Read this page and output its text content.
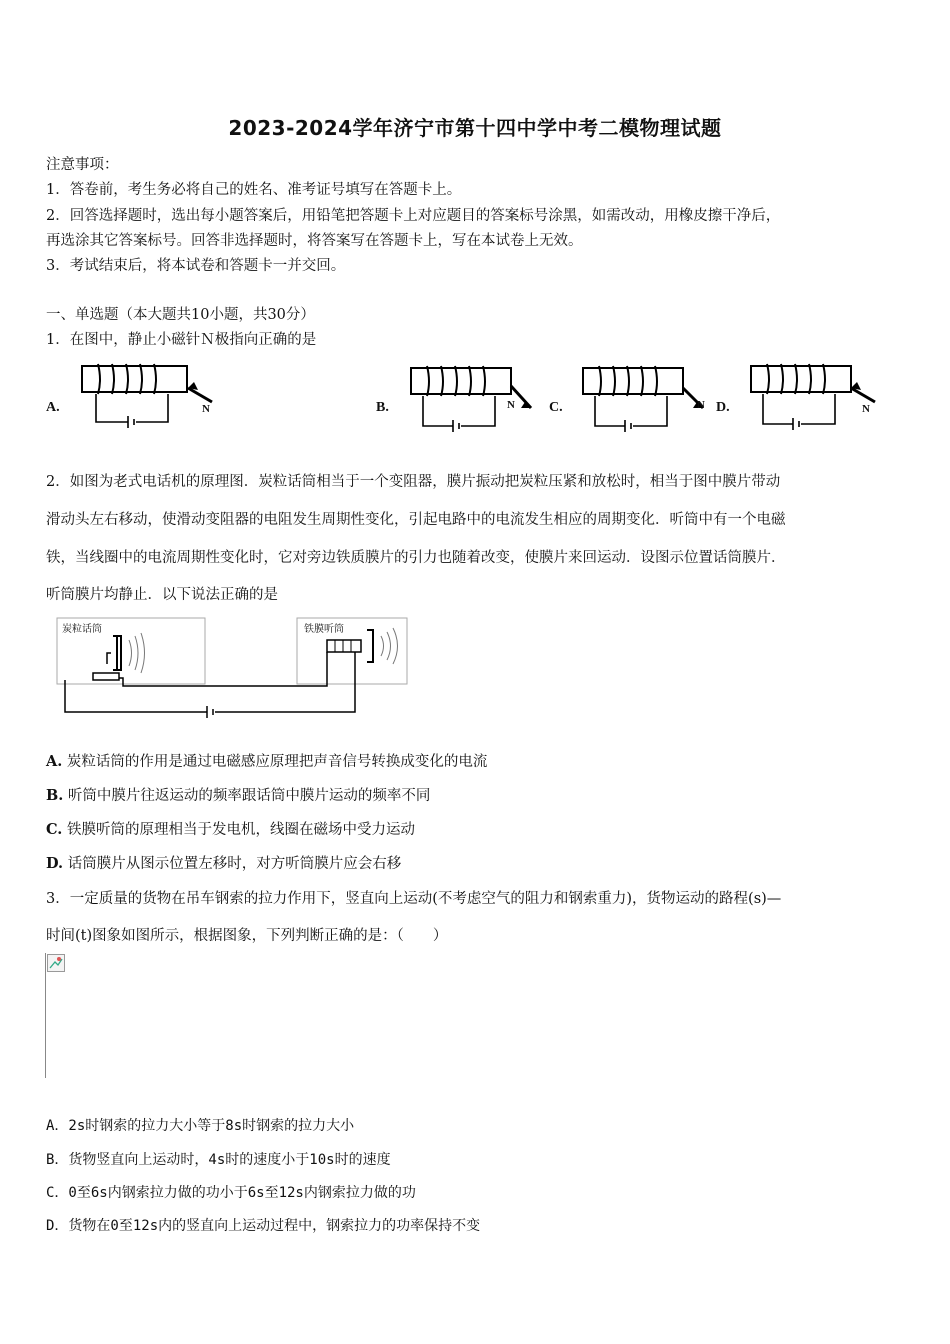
2023-2024学年济宁市第十四中学中考二模物理试题
注意事项：
1．答卷前，考生务必将自己的姓名、准考证号填写在答题卡上。
2．回答选择题时，选出每小题答案后，用铅笔把答题卡上对应题目的答案标号涂黑，如需改动，用橡皮擦干净后，
再选涂其它答案标号。回答非选择题时，将答案写在答题卡上，写在本试卷上无效。
3．考试结束后，将本试卷和答题卡一并交回。
一、单选题（本大题共10小题，共30分）
1．在图中，静止小磁针Ｎ极指向正确的是
A.	N	B.	N C.	N D.	N
2．如图为老式电话机的原理图．炭粒话筒相当于一个变阻器，膜片振动把炭粒压紧和放松时，相当于图中膜片带动
滑动头左右移动，使滑动变阻器的电阻发生周期性变化，引起电路中的电流发生相应的周期变化．听筒中有一个电磁
铁，当线圈中的电流周期性变化时，它对旁边铁质膜片的引力也随着改变，使膜片来回运动．设图示位置话筒膜片．
听筒膜片均静止．以下说法正确的是
炭粒话筒	铁膜听筒
A. 炭粒话筒的作用是通过电磁感应原理把声音信号转换成变化的电流
B. 听筒中膜片往返运动的频率跟话筒中膜片运动的频率不同
C. 铁膜听筒的原理相当于发电机，线圈在磁场中受力运动
D. 话筒膜片从图示位置左移时，对方听筒膜片应会右移
3．一定质量的货物在吊车钢索的拉力作用下，竖直向上运动(不考虑空气的阻力和钢索重力)，货物运动的路程(s)—
时间(t)图象如图所示，根据图象，下列判断正确的是：（　　）
A．2s时钢索的拉力大小等于8s时钢索的拉力大小
B．货物竖直向上运动时，4s时的速度小于10s时的速度
C．0至6s内钢索拉力做的功小于6s至12s内钢索拉力做的功
D．货物在0至12s内的竖直向上运动过程中，钢索拉力的功率保持不变
